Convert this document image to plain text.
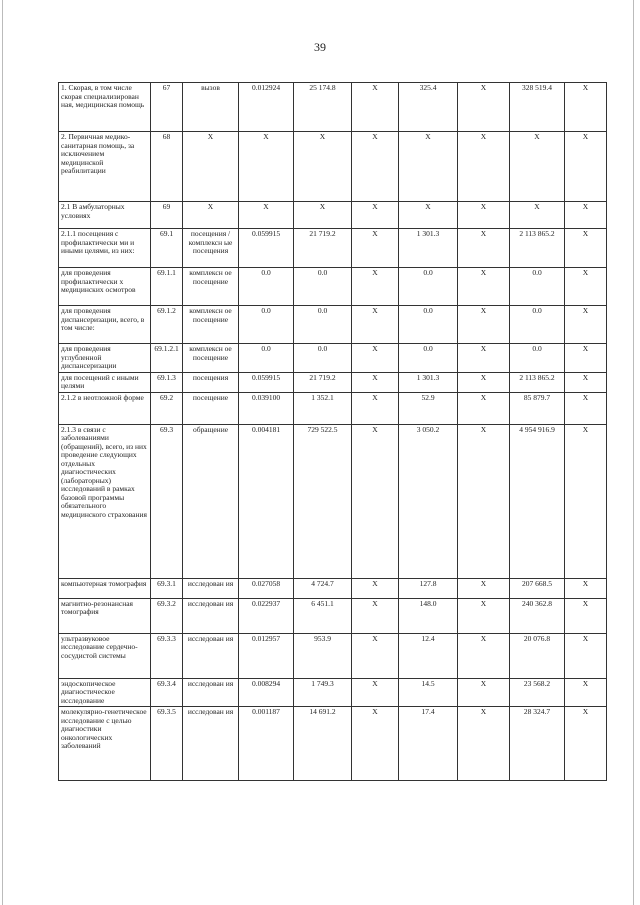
39
1. Скорая, в том числе скорая специализирован ная, медицинская помощь	67	вызов	0.012924	25 174.8	X	325.4	X	328 519.4	X
2. Первичная медико-санитарная помощь, за исключением медицинской реабилитации	68	X	X	X	X	X	X	X	X
2.1 В амбулаторных условиях	69	X	X	X	X	X	X	X	X
2.1.1 посещения с профилактически ми и иными целями, из них:	69.1	посещения /комплексн ые посещения	0.059915	21 719.2	X	1 301.3	X	2 113 865.2	X
для проведения профилактически х медицинских осмотров	69.1.1	комплексн ое посещение	0.0	0.0	X	0.0	X	0.0	X
для проведения диспансеризации, всего, в том числе:	69.1.2	комплексн ое посещение	0.0	0.0	X	0.0	X	0.0	X
для проведения углубленной диспансеризации	69.1.2.1	комплексн ое посещение	0.0	0.0	X	0.0	X	0.0	X
для посещений с иными целями	69.1.3	посещения	0.059915	21 719.2	X	1 301.3	X	2 113 865.2	X
2.1.2 в неотложной форме	69.2	посещение	0.039100	1 352.1	X	52.9	X	85 879.7	X
2.1.3 в связи с заболеваниями (обращений), всего, из них проведение следующих отдельных диагностических (лабораторных) исследований в рамках базовой программы обязательного медицинского страхования	69.3	обращение	0.004181	729 522.5	X	3 050.2	X	4 954 916.9	X
компьютерная томография	69.3.1	исследован ия	0.027058	4 724.7	X	127.8	X	207 668.5	X
магнитно-резонансная томография	69.3.2	исследован ия	0.022937	6 451.1	X	148.0	X	240 362.8	X
ультразвуковое исследование сердечно-сосудистой системы	69.3.3	исследован ия	0.012957	953.9	X	12.4	X	20 076.8	X
эндоскопическое диагностическое исследование	69.3.4	исследован ия	0.008294	1 749.3	X	14.5	X	23 568.2	X
молекулярно-генетическое исследование с целью диагностики онкологических заболеваний	69.3.5	исследован ия	0.001187	14 691.2	X	17.4	X	28 324.7	X
